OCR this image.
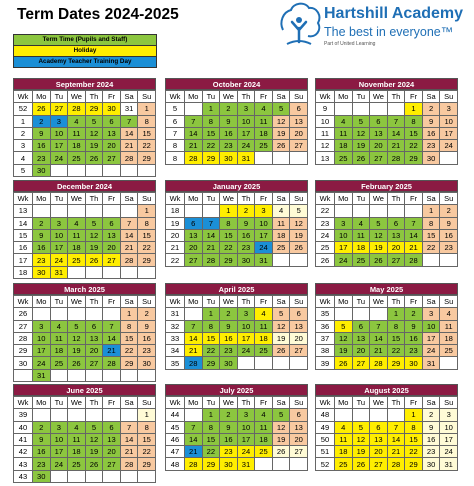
Term Dates 2024-2025	Hartshill Academy
The best in everyone™
Part of United Learning
Term Time (Pupils and Staff)
Holiday
Academy Teacher Training Day
September 2024
Wk	Mo	Tu	We	Th	Fr	Sa	Su
52	26	27	28	29	30	31	1
1	2	3	4	5	6	7	8
2	9	10	11	12	13	14	15
3	16	17	18	19	20	21	22
4	23	24	25	26	27	28	29
5	30						
October 2024
Wk	Mo	Tu	We	Th	Fr	Sa	Su
5		1	2	3	4	5	6
6	7	8	9	10	11	12	13
7	14	15	16	17	18	19	20
8	21	22	23	24	25	26	27
8	28	29	30	31			
November 2024
Wk	Mo	Tu	We	Th	Fr	Sa	Su
9					1	2	3
10	4	5	6	7	8	9	10
11	11	12	13	14	15	16	17
12	18	19	20	21	22	23	24
13	25	26	27	28	29	30	
December 2024
Wk	Mo	Tu	We	Th	Fr	Sa	Su
13							1
14	2	3	4	5	6	7	8
15	9	10	11	12	13	14	15
16	16	17	18	19	20	21	22
17	23	24	25	26	27	28	29
18	30	31					
January 2025
Wk	Mo	Tu	We	Th	Fr	Sa	Su
18			1	2	3	4	5
19	6	7	8	9	10	11	12
20	13	14	15	16	17	18	19
21	20	21	22	23	24	25	26
22	27	28	29	30	31		
February 2025
Wk	Mo	Tu	We	Th	Fr	Sa	Su
22						1	2
23	3	4	5	6	7	8	9
24	10	11	12	13	14	15	16
25	17	18	19	20	21	22	23
26	24	25	26	27	28		
March 2025
Wk	Mo	Tu	We	Th	Fr	Sa	Su
26						1	2
27	3	4	5	6	7	8	9
28	10	11	12	13	14	15	16
29	17	18	19	20	21	22	23
30	24	25	26	27	28	29	30
	31						
April 2025
Wk	Mo	Tu	We	Th	Fr	Sa	Su
31		1	2	3	4	5	6
32	7	8	9	10	11	12	13
33	14	15	16	17	18	19	20
34	21	22	23	24	25	26	27
35	28	29	30				
May 2025
Wk	Mo	Tu	We	Th	Fr	Sa	Su
35				1	2	3	4
36	5	6	7	8	9	10	11
37	12	13	14	15	16	17	18
38	19	20	21	22	23	24	25
39	26	27	28	29	30	31	
June 2025
Wk	Mo	Tu	We	Th	Fr	Sa	Su
39							1
40	2	3	4	5	6	7	8
41	9	10	11	12	13	14	15
42	16	17	18	19	20	21	22
43	23	24	25	26	27	28	29
43	30						
July 2025
Wk	Mo	Tu	We	Th	Fr	Sa	Su
44		1	2	3	4	5	6
45	7	8	9	10	11	12	13
46	14	15	16	17	18	19	20
47	21	22	23	24	25	26	27
48	28	29	30	31			
August 2025
Wk	Mo	Tu	We	Th	Fr	Sa	Su
48					1	2	3
49	4	5	6	7	8	9	10
50	11	12	13	14	15	16	17
51	18	19	20	21	22	23	24
52	25	26	27	28	29	30	31
